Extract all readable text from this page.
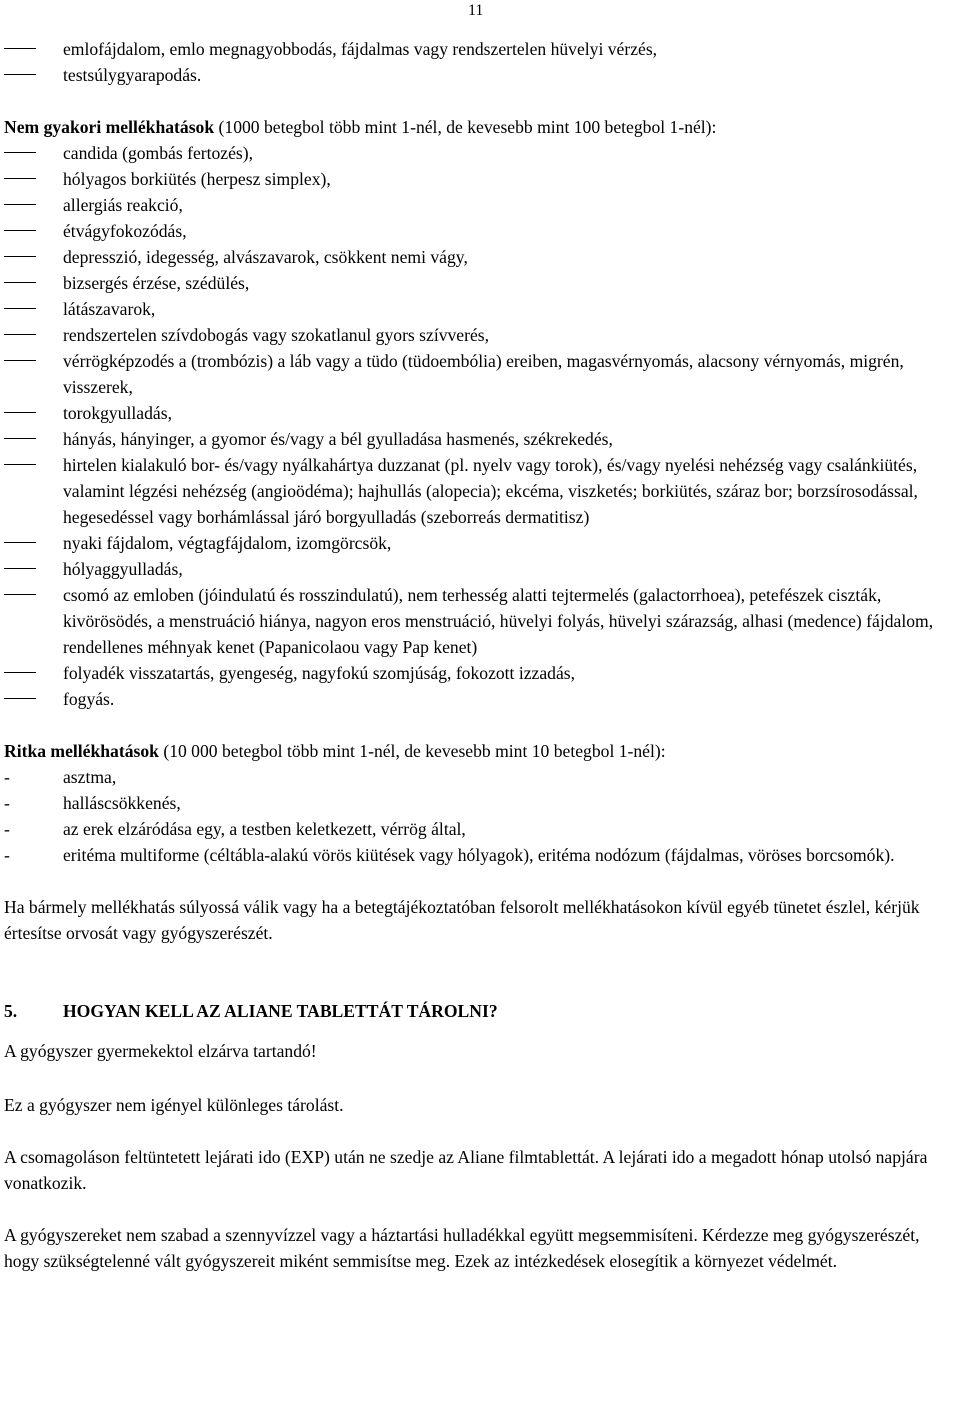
11
emlofájdalom, emlo megnagyobbodás, fájdalmas vagy rendszertelen hüvelyi vérzés,
testsúlygyarapodás.

Nem gyakori mellékhatások (1000 betegbol több mint 1-nél, de kevesebb mint 100 betegbol 1-nél):

candida (gombás fertozés),
hólyagos borkiütés (herpesz simplex),
allergiás reakció,
étvágyfokozódás,
depresszió, idegesség, alvászavarok, csökkent nemi vágy,
bizsergés érzése, szédülés,
látászavarok,
rendszertelen szívdobogás vagy szokatlanul gyors szívverés,
vérrögképzodés a (trombózis) a láb vagy a tüdo (tüdoembólia) ereiben, magasvérnyomás, alacsony vérnyomás, migrén, visszerek,
torokgyulladás,
hányás, hányinger, a gyomor és/vagy a bél gyulladása hasmenés, székrekedés,
hirtelen kialakuló bor- és/vagy nyálkahártya duzzanat (pl. nyelv vagy torok), és/vagy nyelési nehézség vagy csalánkiütés, valamint légzési nehézség (angioödéma); hajhullás (alopecia); ekcéma, viszketés; borkiütés, száraz bor; borzsírosodással, hegesedéssel vagy borhámlással járó borgyulladás (szeborreás dermatitisz)
nyaki fájdalom, végtagfájdalom, izomgörcsök,
hólyaggyulladás,
csomó az emloben (jóindulatú és rosszindulatú), nem terhesség alatti tejtermelés (galactorrhoea), petefészek ciszták, kivörösödés, a menstruáció hiánya, nagyon eros menstruáció, hüvelyi folyás, hüvelyi szárazság, alhasi (medence) fájdalom, rendellenes méhnyak kenet (Papanicolaou vagy Pap kenet)
folyadék visszatartás, gyengeség, nagyfokú szomjúság, fokozott izzadás,
fogyás.

Ritka mellékhatások (10 000 betegbol több mint 1-nél, de kevesebb mint 10 betegbol 1-nél):

-	asztma,
-	halláscsökkenés,
-	az erek elzáródása egy, a testben keletkezett, vérrög által,
-	eritéma multiforme (céltábla-alakú vörös kiütések vagy hólyagok), eritéma nodózum (fájdalmas, vöröses borcsomók).

Ha bármely mellékhatás súlyossá válik vagy ha a betegtájékoztatóban felsorolt mellékhatásokon kívül egyéb tünetet észlel, kérjük értesítse orvosát vagy gyógyszerészét.

5.	HOGYAN KELL AZ ALIANE TABLETTÁT TÁROLNI?

A gyógyszer gyermekektol elzárva tartandó!

Ez a gyógyszer nem igényel különleges tárolást.

A csomagoláson feltüntetett lejárati ido (EXP) után ne szedje az Aliane filmtablettát. A lejárati ido a megadott hónap utolsó napjára vonatkozik.

A gyógyszereket nem szabad a szennyvízzel vagy a háztartási hulladékkal együtt megsemmisíteni. Kérdezze meg gyógyszerészét, hogy szükségtelenné vált gyógyszereit miként semmisítse meg. Ezek az intézkedések elosegítik a környezet védelmét.
